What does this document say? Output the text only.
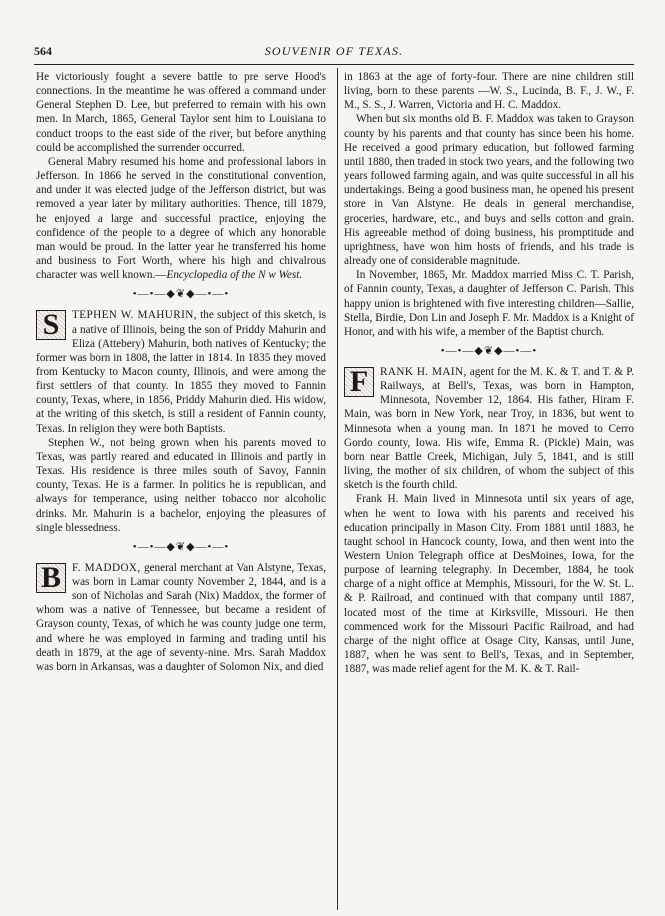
564	SOUVENIR OF TEXAS.

He victoriously fought a severe battle to pre serve Hood's connections. In the meantime he was offered a command under General Stephen D. Lee, but preferred to remain with his own men. In March, 1865, General Taylor sent him to Louisiana to conduct troops to the east side of the river, but before anything could be accomplished the surrender occurred.

General Mabry resumed his home and professional labors in Jefferson. In 1866 he served in the constitutional convention, and under it was elected judge of the Jefferson district, but was removed a year later by military authorities. Thence, till 1879, he enjoyed a large and successful practice, enjoying the confidence of the people to a degree of which any honorable man would be proud. In the latter year he transferred his home and business to Fort Worth, where his high and chivalrous character was well known.—Encyclopedia of the N w West.

•—•—◆❦◆—•—•

S	TEPHEN W. MAHURIN, the subject of this sketch, is a native of Illinois, being the son of Priddy Mahurin and Eliza (Attebery) Mahurin, both natives of Kentucky; the former was born in 1808, the latter in 1814. In 1835 they moved from Kentucky to Macon county, Illinois, and were among the first settlers of that county. In 1855 they moved to Fannin county, Texas, where, in 1856, Priddy Mahurin died. His widow, at the writing of this sketch, is still a resident of Fannin county, Texas. In religion they were both Baptists.

Stephen W., not being grown when his parents moved to Texas, was partly reared and educated in Illinois and partly in Texas. His residence is three miles south of Savoy, Fannin county, Texas. He is a farmer. In politics he is republican, and always for temperance, using neither tobacco nor alcoholic drinks. Mr. Mahurin is a bachelor, enjoying the pleasures of single blessedness.

•—•—◆❦◆—•—•

B F. MADDOX, general merchant at Van Alstyne, Texas, was born in Lamar county November 2, 1844, and is a son of Nicholas and Sarah (Nix) Maddox, the former of whom was a native of Tennessee, but became a resident of Grayson county, Texas, of which he was county judge one term, and where he was employed in farming and trading until his death in 1879, at the age of seventy-nine. Mrs. Sarah Maddox was born in Arkansas, was a daughter of Solomon Nix, and died

in 1863 at the age of forty-four. There are nine children still living, born to these parents —W. S., Lucinda, B. F., J. W., F. M., S. S., J. Warren, Victoria and H. C. Maddox.

When but six months old B. F. Maddox was taken to Grayson county by his parents and that county has since been his home. He received a good primary education, but followed farming until 1880, then traded in stock two years, and the following two years followed farming again, and was quite successful in all his undertakings. Being a good business man, he opened his present store in Van Alstyne. He deals in general merchandise, groceries, hardware, etc., and buys and sells cotton and grain. His agreeable method of doing business, his promptitude and uprightness, have won him hosts of friends, and his trade is already one of considerable magnitude.

In November, 1865, Mr. Maddox married Miss C. T. Parish, of Fannin county, Texas, a daughter of Jefferson C. Parish. This happy union is brightened with five interesting children—Sallie, Stella, Birdie, Don Lin and Joseph F. Mr. Maddox is a Knight of Honor, and with his wife, a member of the Baptist church.

•—•—◆❦◆—•—•

F	RANK H. MAIN, agent for the M. K. & T. and T. & P. Railways, at Bell's, Texas, was born in Hampton, Minnesota, November 12, 1864. His father, Hiram F. Main, was born in New York, near Troy, in 1836, but went to Minnesota when a young man. In 1871 he moved to Cerro Gordo county, Iowa. His wife, Emma R. (Pickle) Main, was born near Battle Creek, Michigan, July 5, 1841, and is still living, the mother of six children, of whom the subject of this sketch is the fourth child.

Frank H. Main lived in Minnesota until six years of age, when he went to Iowa with his parents and received his education principally in Mason City. From 1881 until 1883, he taught school in Hancock county, Iowa, and then went into the Western Union Telegraph office at DesMoines, Iowa, for the purpose of learning telegraphy. In December, 1884, he took charge of a night office at Memphis, Missouri, for the W. St. L. & P. Railroad, and continued with that company until 1887, located most of the time at Kirksville, Missouri. He then commenced work for the Missouri Pacific Railroad, and had charge of the night office at Osage City, Kansas, until June, 1887, when he was sent to Bell's, Texas, and in September, 1887, was made relief agent for the M. K. & T. Rail-
